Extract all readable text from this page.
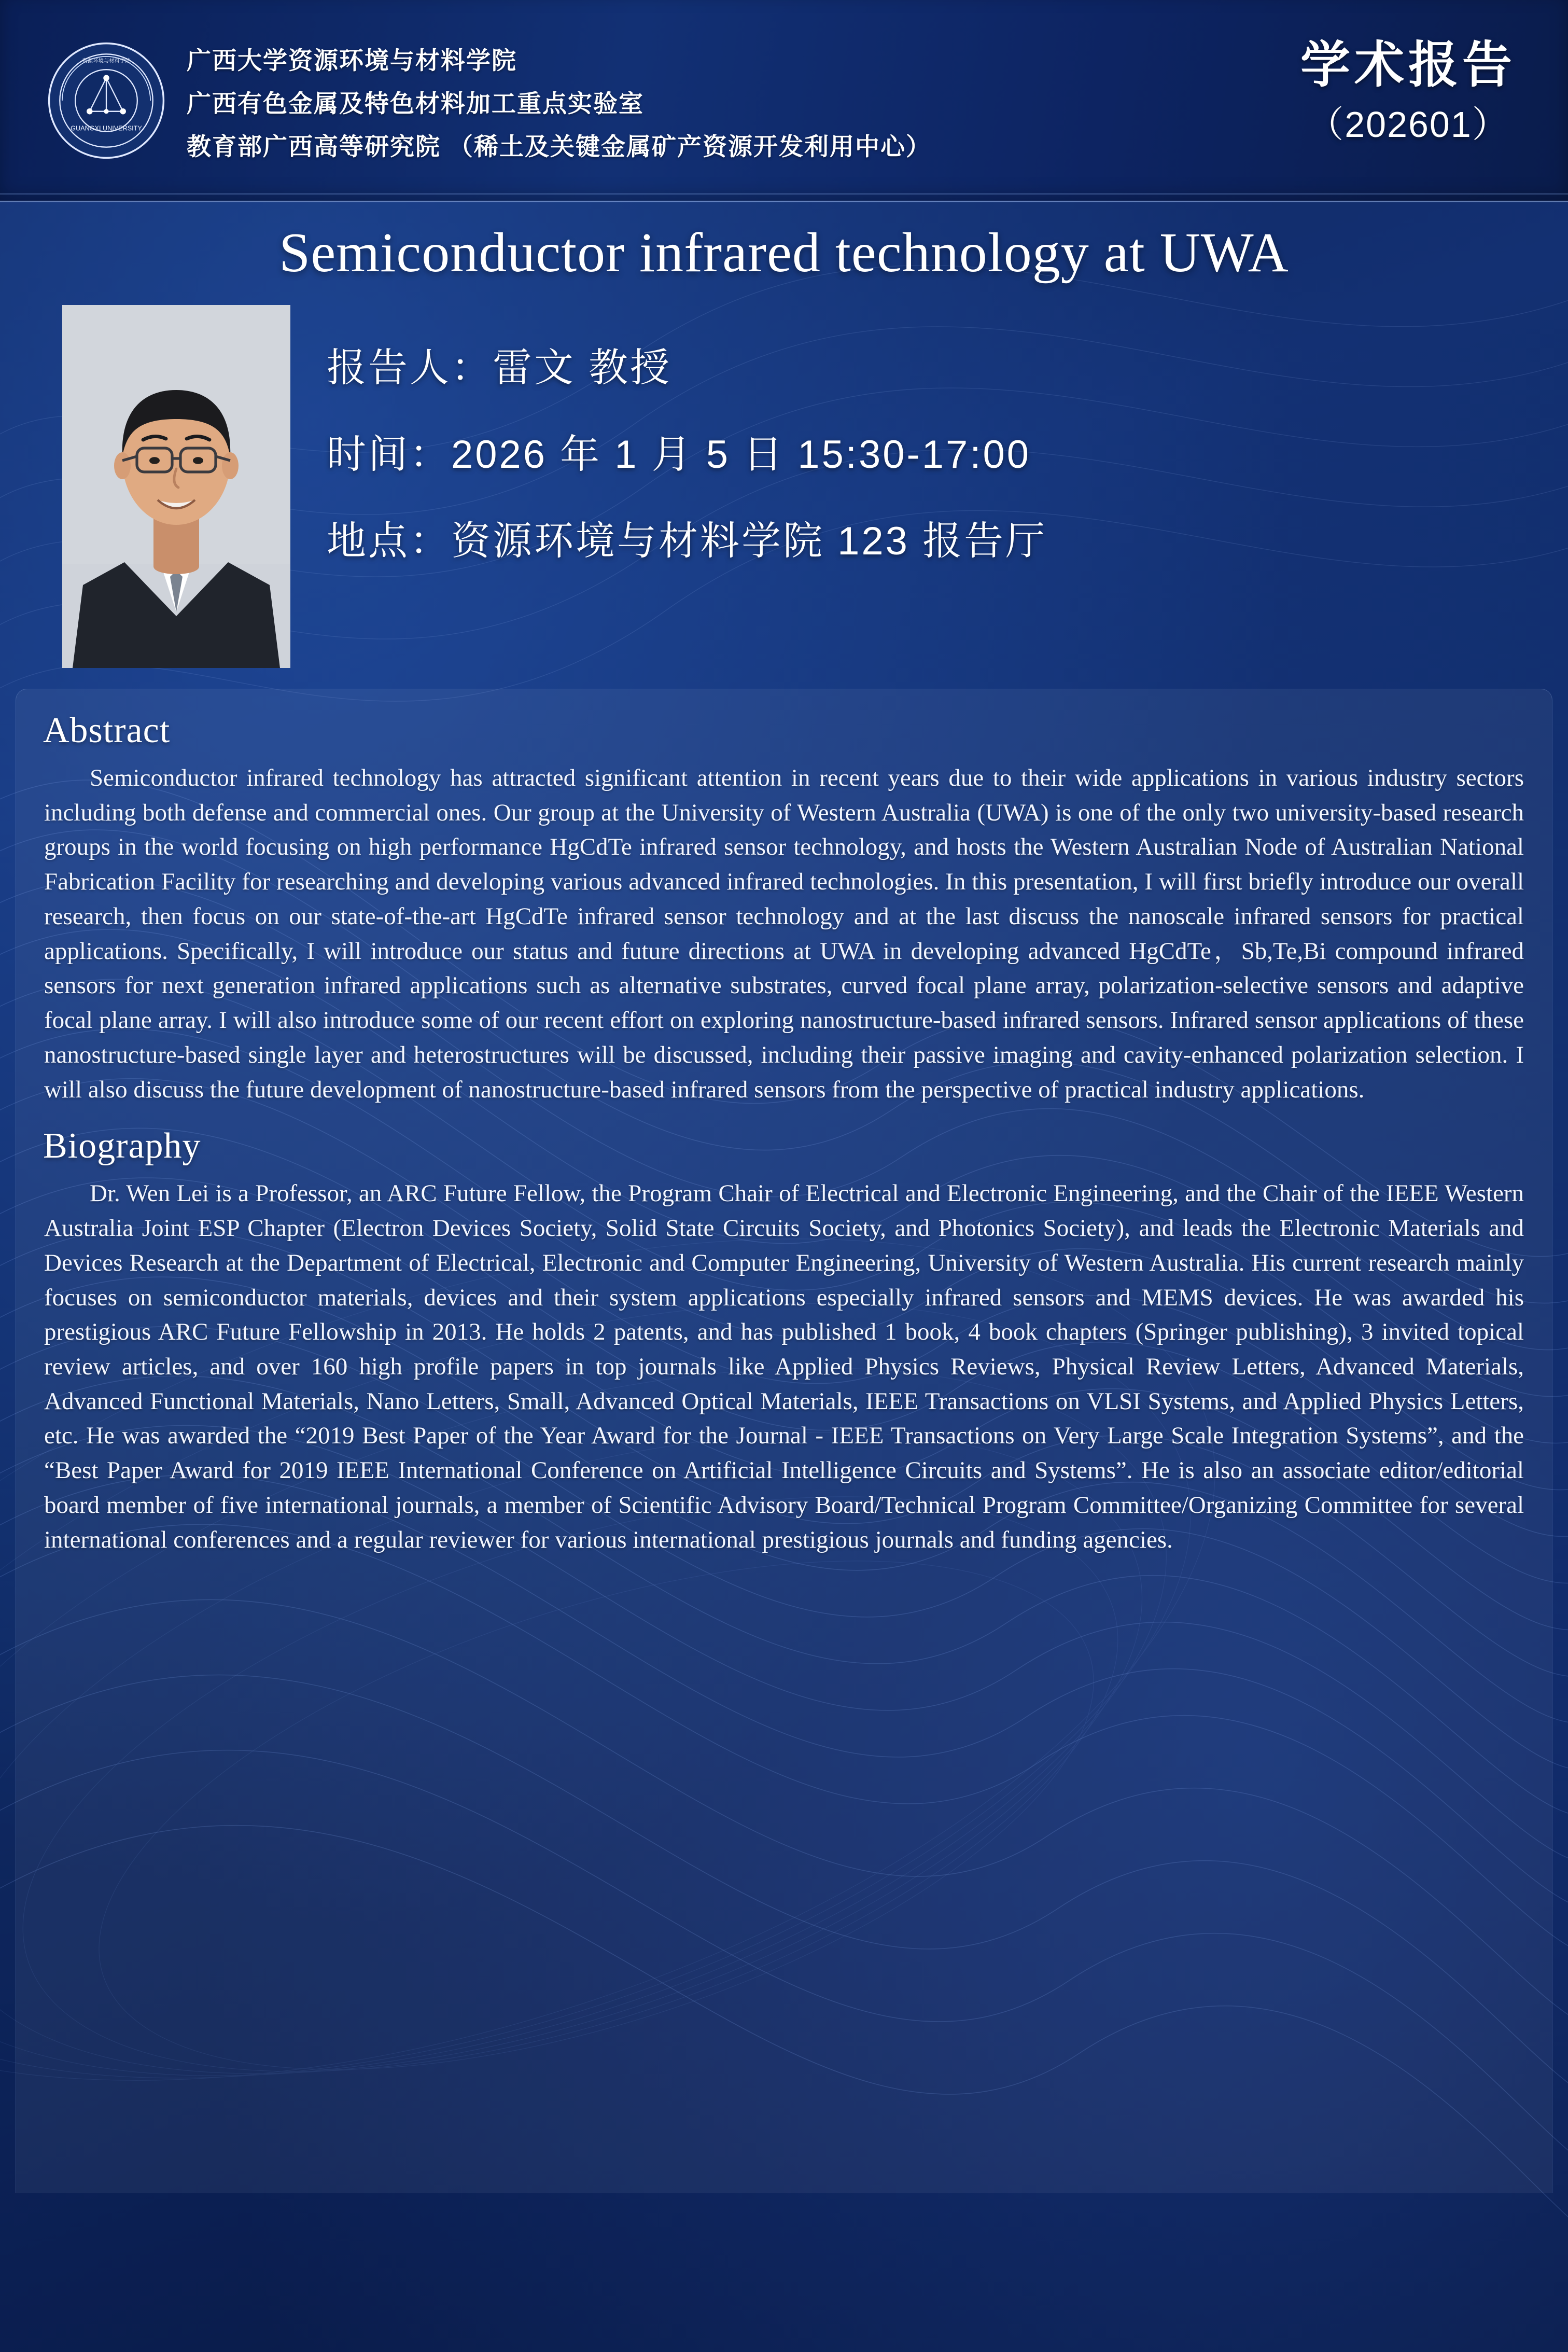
GUANGXI UNIVERSITY
资源环境与材料学院 广西大学资源环境与材料学院
广西有色金属及特色材料加工重点实验室
教育部广西高等研究院 （稀土及关键金属矿产资源开发利用中心）
学术报告
（202601）
Semiconductor infrared technology at UWA
报告人：雷文 教授
时间：2026 年 1 月 5 日 15:30-17:00
地点：资源环境与材料学院 123 报告厅
Abstract

Semiconductor infrared technology has attracted significant attention in recent years due to their wide applications in various industry sectors including both defense and commercial ones. Our group at the University of Western Australia (UWA) is one of the only two university-based research groups in the world focusing on high performance HgCdTe infrared sensor technology, and hosts the Western Australian Node of Australian National Fabrication Facility for researching and developing various advanced infrared technologies. In this presentation, I will first briefly introduce our overall research, then focus on our state-of-the-art HgCdTe infrared sensor technology and at the last discuss the nanoscale infrared sensors for practical applications. Specifically, I will introduce our status and future directions at UWA in developing advanced HgCdTe，Sb,Te,Bi compound infrared sensors for next generation infrared applications such as alternative substrates, curved focal plane array, polarization-selective sensors and adaptive focal plane array. I will also introduce some of our recent effort on exploring nanostructure-based infrared sensors. Infrared sensor applications of these nanostructure-based single layer and heterostructures will be discussed, including their passive imaging and cavity-enhanced polarization selection. I will also discuss the future development of nanostructure-based infrared sensors from the perspective of practical industry applications.

Biography

Dr. Wen Lei is a Professor, an ARC Future Fellow, the Program Chair of Electrical and Electronic Engineering, and the Chair of the IEEE Western Australia Joint ESP Chapter (Electron Devices Society, Solid State Circuits Society, and Photonics Society), and leads the Electronic Materials and Devices Research at the Department of Electrical, Electronic and Computer Engineering, University of Western Australia. His current research mainly focuses on semiconductor materials, devices and their system applications especially infrared sensors and MEMS devices. He was awarded his prestigious ARC Future Fellowship in 2013. He holds 2 patents, and has published 1 book, 4 book chapters (Springer publishing), 3 invited topical review articles, and over 160 high profile papers in top journals like Applied Physics Reviews, Physical Review Letters, Advanced Materials, Advanced Functional Materials, Nano Letters, Small, Advanced Optical Materials, IEEE Transactions on VLSI Systems, and Applied Physics Letters, etc. He was awarded the “2019 Best Paper of the Year Award for the Journal - IEEE Transactions on Very Large Scale Integration Systems”, and the “Best Paper Award for 2019 IEEE International Conference on Artificial Intelligence Circuits and Systems”. He is also an associate editor/editorial board member of five international journals, a member of Scientific Advisory Board/Technical Program Committee/Organizing Committee for several international conferences and a regular reviewer for various international prestigious journals and funding agencies.
